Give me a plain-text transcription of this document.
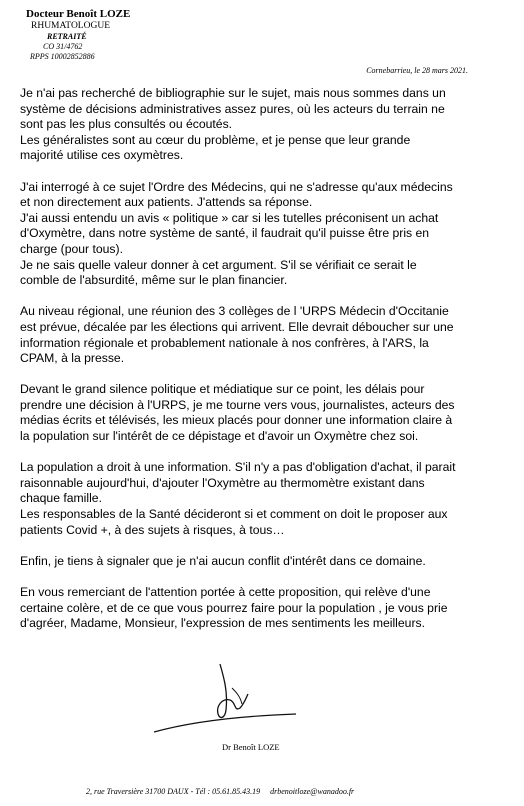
Docteur Benoît LOZE
RHUMATOLOGUE
RETRAITÉ
CO 31/4762
RPPS 10002852886
Cornebarrieu, le 28 mars 2021.

Je n'ai pas recherché de bibliographie sur le sujet, mais nous sommes dans un
système de décisions administratives assez pures, où les acteurs du terrain ne
sont pas les plus consultés ou écoutés.
Les généralistes sont au cœur du problème, et je pense que leur grande
majorité utilise ces oxymètres.

J'ai interrogé à ce sujet l'Ordre des Médecins, qui ne s'adresse qu'aux médecins
et non directement aux patients. J'attends sa réponse.
J'ai aussi entendu un avis « politique » car si les tutelles préconisent un achat
d'Oxymètre, dans notre système de santé, il faudrait qu'il puisse être pris en
charge (pour tous).
Je ne sais quelle valeur donner à cet argument. S'il se vérifiait ce serait le
comble de l'absurdité, même sur le plan financier.

Au niveau régional, une réunion des 3 collèges de l 'URPS Médecin d'Occitanie
est prévue, décalée par les élections qui arrivent. Elle devrait déboucher sur une
information régionale et probablement nationale à nos confrères, à l'ARS, la
CPAM, à la presse.

Devant le grand silence politique et médiatique sur ce point, les délais pour
prendre une décision à l'URPS, je me tourne vers vous, journalistes, acteurs des
médias écrits et télévisés, les mieux placés pour donner une information claire à
la population sur l'intérêt de ce dépistage et d'avoir un Oxymètre chez soi.

La population a droit à une information. S'il n'y a pas d'obligation d'achat, il parait
raisonnable aujourd'hui, d'ajouter l'Oxymètre au thermomètre existant dans
chaque famille.
Les responsables de la Santé décideront si et comment on doit le proposer aux
patients Covid +, à des sujets à risques, à tous…

Enfin, je tiens à signaler que je n'ai aucun conflit d'intérêt dans ce domaine.

En vous remerciant de l'attention portée à cette proposition, qui relève d'une
certaine colère, et de ce que vous pourrez faire pour la population , je vous prie
d'agréer, Madame, Monsieur, l'expression de mes sentiments les meilleurs.

Dr Benoît LOZE
2, rue Traversière 31700 DAUX - Tél : 05.61.85.43.19 drbenoitloze@wanadoo.fr
